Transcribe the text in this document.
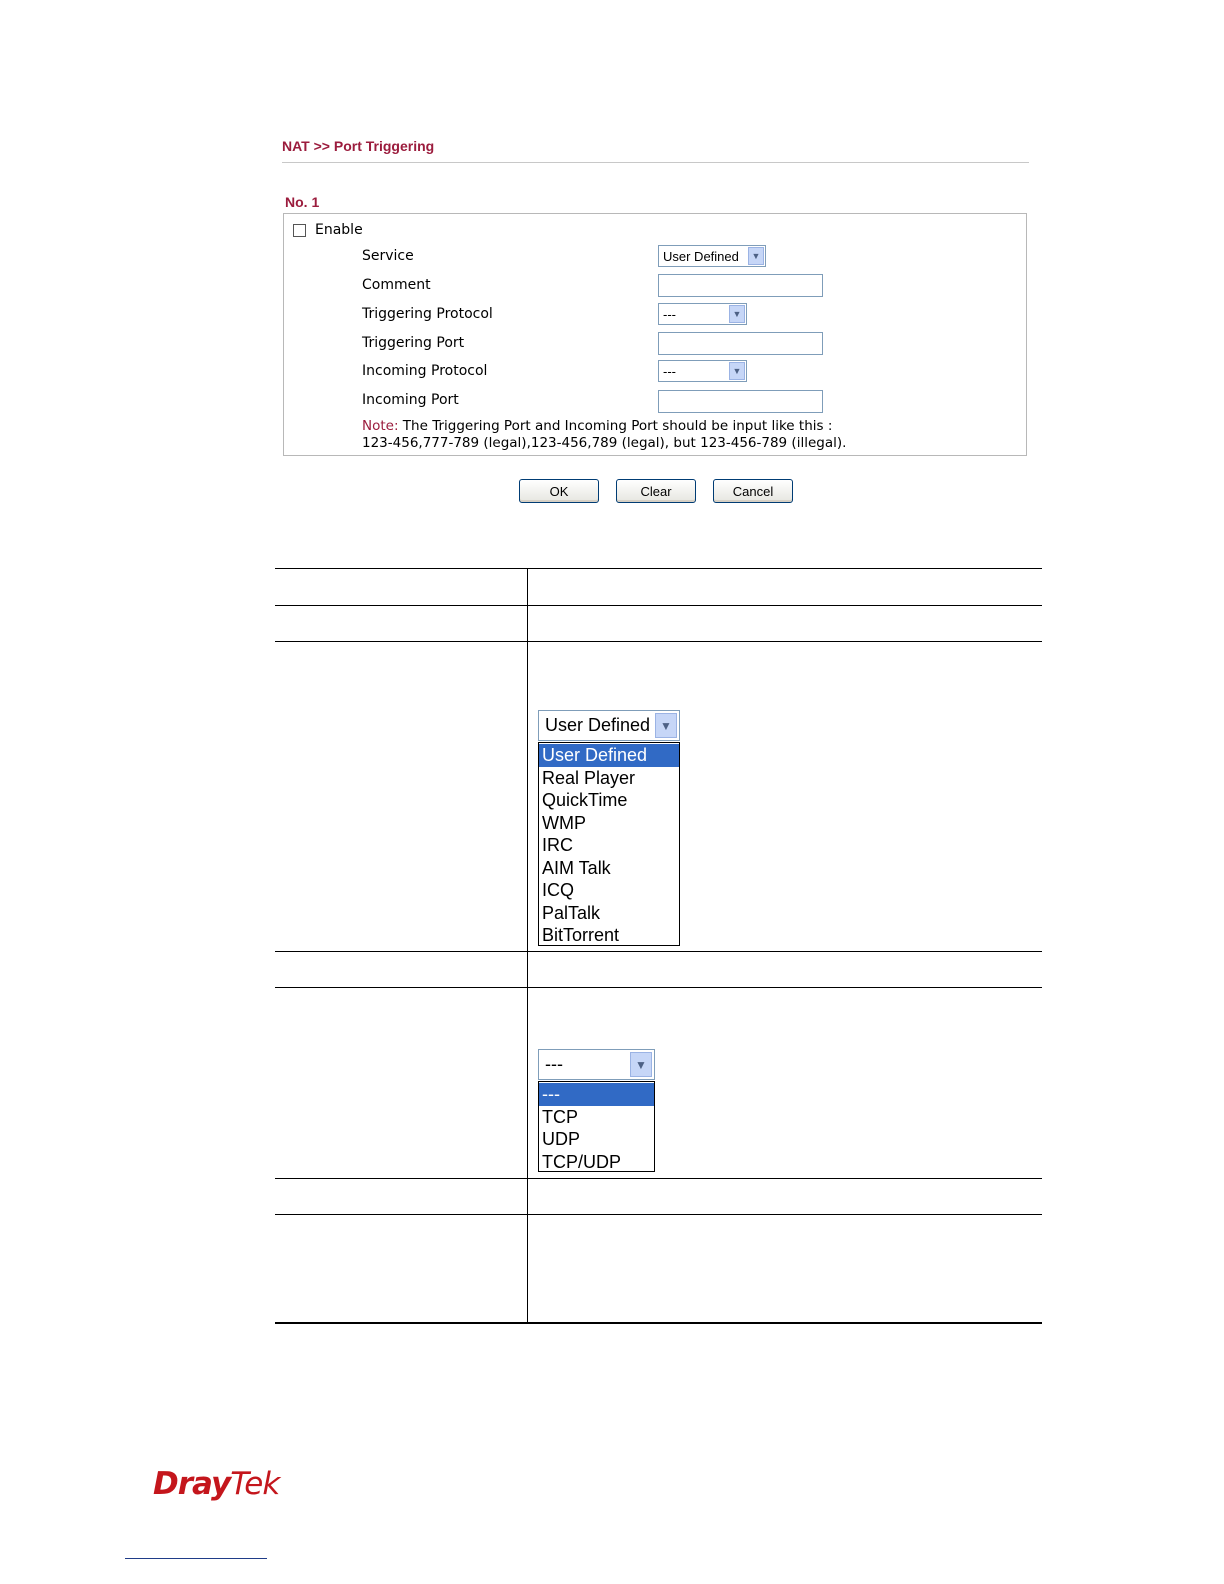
NAT >> Port Triggering
No. 1
Enable
Service	User Defined	▼
Comment
Triggering Protocol	---	▼
Triggering Port
Incoming Protocol	---	▼
Incoming Port
Note: The Triggering Port and Incoming Port should be input like this :
123-456,777-789 (legal),123-456,789 (legal), but 123-456-789 (illegal).
OK	Clear	Cancel
User Defined ▼
User Defined
Real Player
QuickTime
WMP
IRC
AIM Talk
ICQ
PalTalk
BitTorrent
---	▼
---
TCP
UDP
TCP/UDP
DrayTek
